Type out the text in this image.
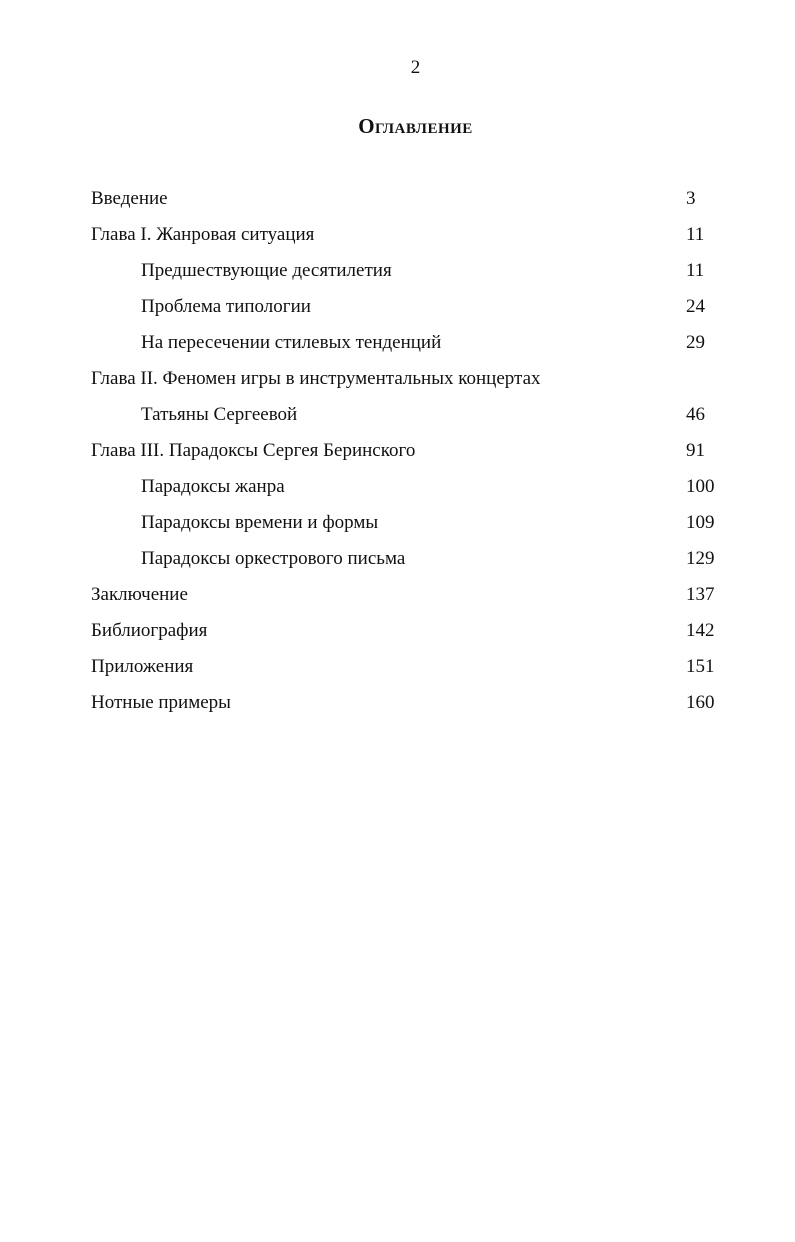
2
Оглавление
Введение	3
Глава I. Жанровая ситуация	11
Предшествующие десятилетия	11
Проблема типологии	24
На пересечении стилевых тенденций	29
Глава II. Феномен игры в инструментальных концертах
Татьяны Сергеевой	46
Глава III. Парадоксы Сергея Беринского	91
Парадоксы жанра	100
Парадоксы времени и формы	109
Парадоксы оркестрового письма	129
Заключение	137
Библиография	142
Приложения	151
Нотные примеры	160
